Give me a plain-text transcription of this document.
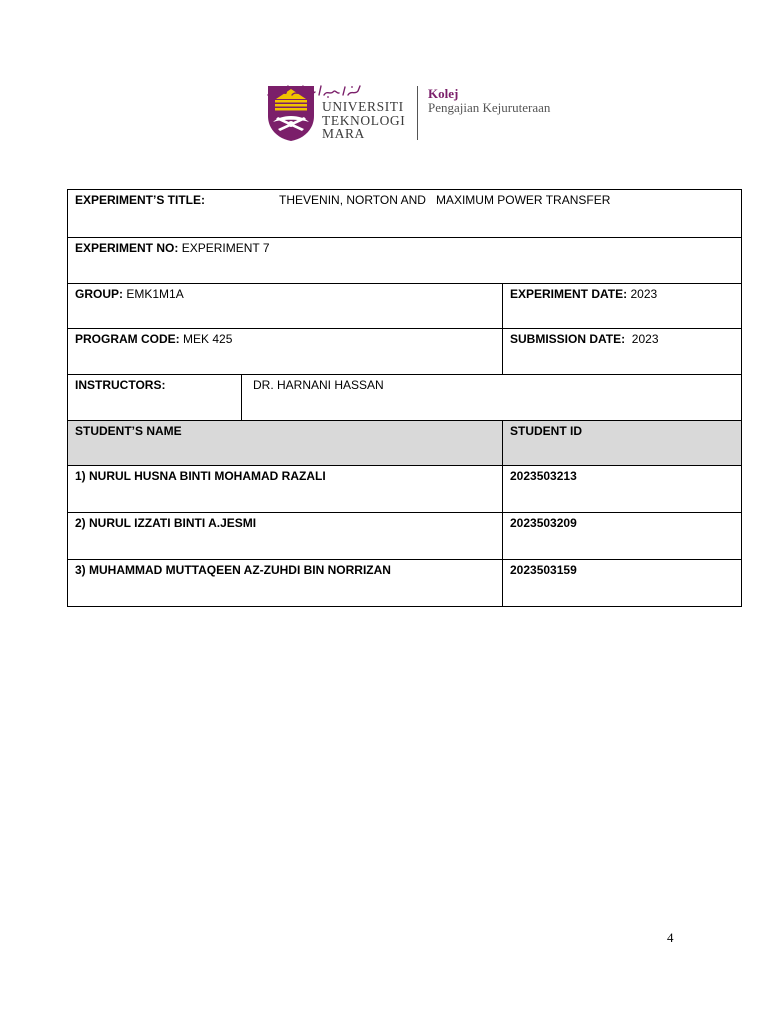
UNIVERSITI
TEKNOLOGI
MARA
Kolej
Pengajian Kejuruteraan
EXPERIMENT’S TITLE: THEVENIN, NORTON AND MAXIMUM POWER TRANSFER		
EXPERIMENT NO: EXPERIMENT 7		
GROUP: EMK1M1A		EXPERIMENT DATE: 2023
PROGRAM CODE: MEK 425		SUBMISSION DATE: 2023
INSTRUCTORS:	DR. HARNANI HASSAN	
STUDENT’S NAME		STUDENT ID
1) NURUL HUSNA BINTI MOHAMAD RAZALI		2023503213
2) NURUL IZZATI BINTI A.JESMI		2023503209
3) MUHAMMAD MUTTAQEEN AZ-ZUHDI BIN NORRIZAN		2023503159
4
